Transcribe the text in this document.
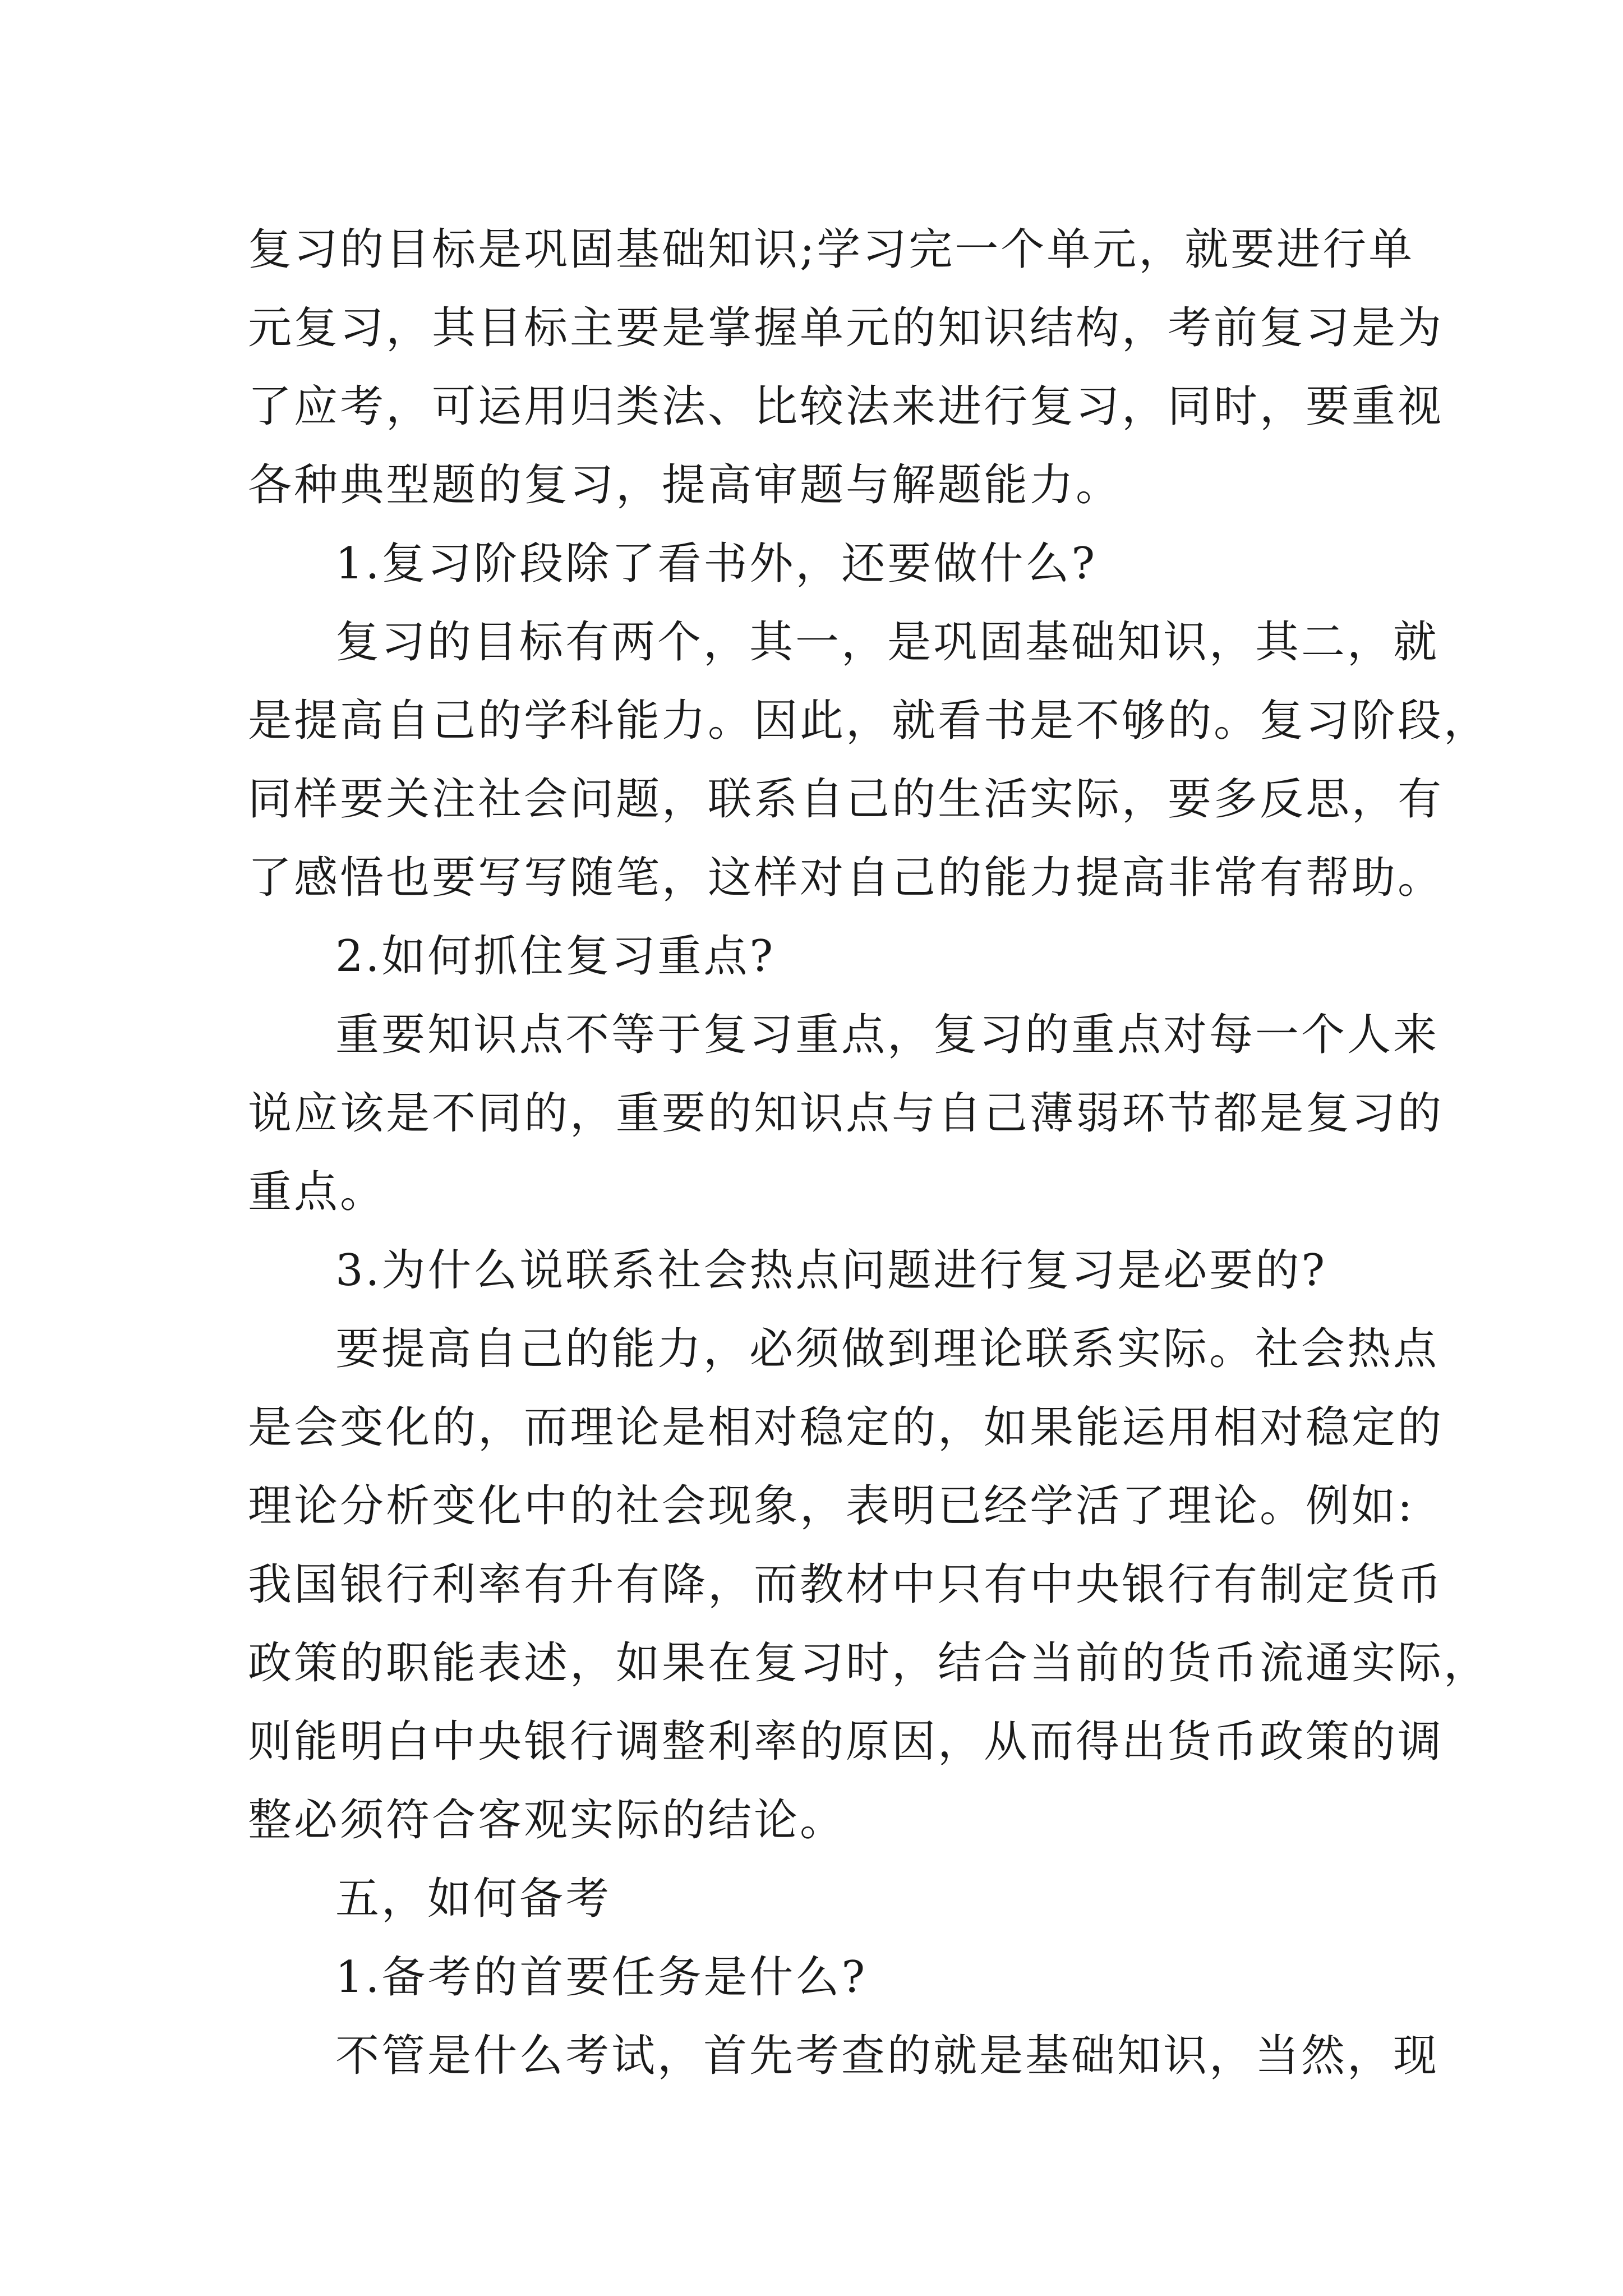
复习的目标是巩固基础知识;学习完一个单元，就要进行单
元复习，其目标主要是掌握单元的知识结构，考前复习是为
了应考，可运用归类法、比较法来进行复习，同时，要重视
各种典型题的复习，提高审题与解题能力。
1.复习阶段除了看书外，还要做什么?
复习的目标有两个，其一，是巩固基础知识，其二，就
是提高自己的学科能力。因此，就看书是不够的。复习阶段，
同样要关注社会问题，联系自己的生活实际，要多反思，有
了感悟也要写写随笔，这样对自己的能力提高非常有帮助。
2.如何抓住复习重点?
重要知识点不等于复习重点，复习的重点对每一个人来
说应该是不同的，重要的知识点与自己薄弱环节都是复习的
重点。
3.为什么说联系社会热点问题进行复习是必要的?
要提高自己的能力，必须做到理论联系实际。社会热点
是会变化的，而理论是相对稳定的，如果能运用相对稳定的
理论分析变化中的社会现象，表明已经学活了理论。例如:
我国银行利率有升有降，而教材中只有中央银行有制定货币
政策的职能表述，如果在复习时，结合当前的货币流通实际，
则能明白中央银行调整利率的原因，从而得出货币政策的调
整必须符合客观实际的结论。
五，如何备考
1.备考的首要任务是什么?
不管是什么考试，首先考查的就是基础知识，当然，现
